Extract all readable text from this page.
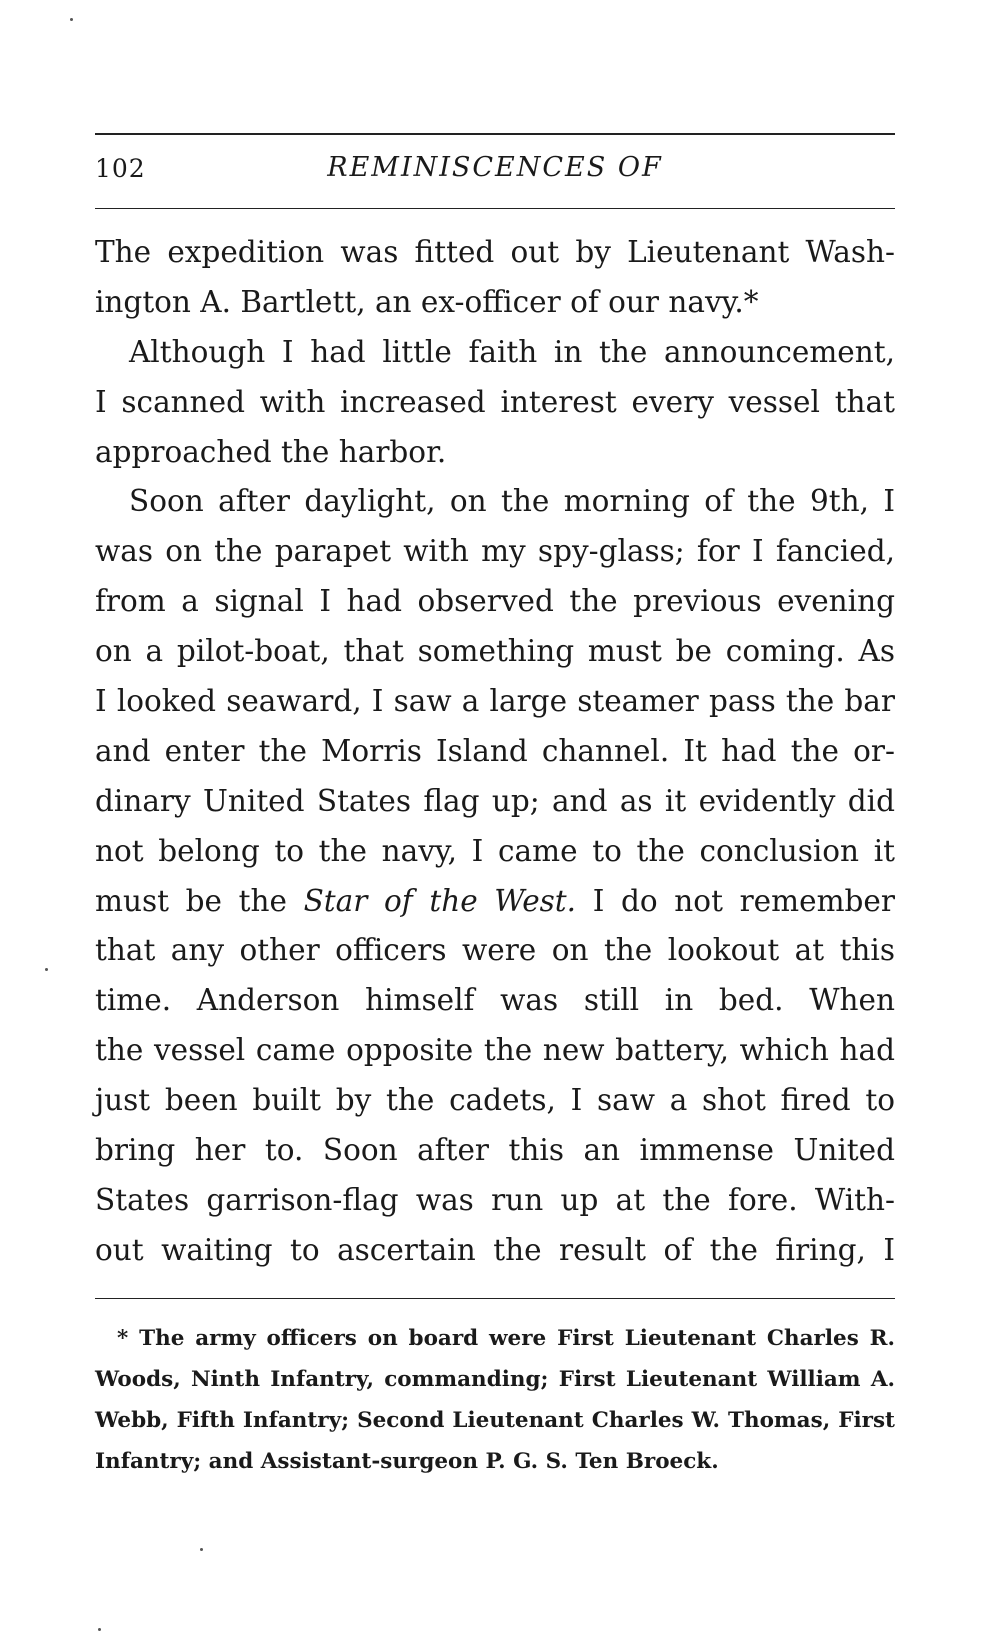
102	REMINISCENCES OF
The expedition was fitted out by Lieutenant Wash-
ington A. Bartlett, an ex-officer of our navy.*
Although I had little faith in the announcement,
I scanned with increased interest every vessel that
approached the harbor.
Soon after daylight, on the morning of the 9th, I
was on the parapet with my spy-glass; for I fancied,
from a signal I had observed the previous evening
on a pilot-boat, that something must be coming. As
I looked seaward, I saw a large steamer pass the bar
and enter the Morris Island channel. It had the or-
dinary United States flag up; and as it evidently did
not belong to the navy, I came to the conclusion it
must be the Star of the West. I do not remember
that any other officers were on the lookout at this
time. Anderson himself was still in bed. When
the vessel came opposite the new battery, which had
just been built by the cadets, I saw a shot fired to
bring her to. Soon after this an immense United
States garrison-flag was run up at the fore. With-
out waiting to ascertain the result of the firing, I
* The army officers on board were First Lieutenant Charles R.
Woods, Ninth Infantry, commanding; First Lieutenant William A.
Webb, Fifth Infantry; Second Lieutenant Charles W. Thomas, First
Infantry; and Assistant-surgeon P. G. S. Ten Broeck.
